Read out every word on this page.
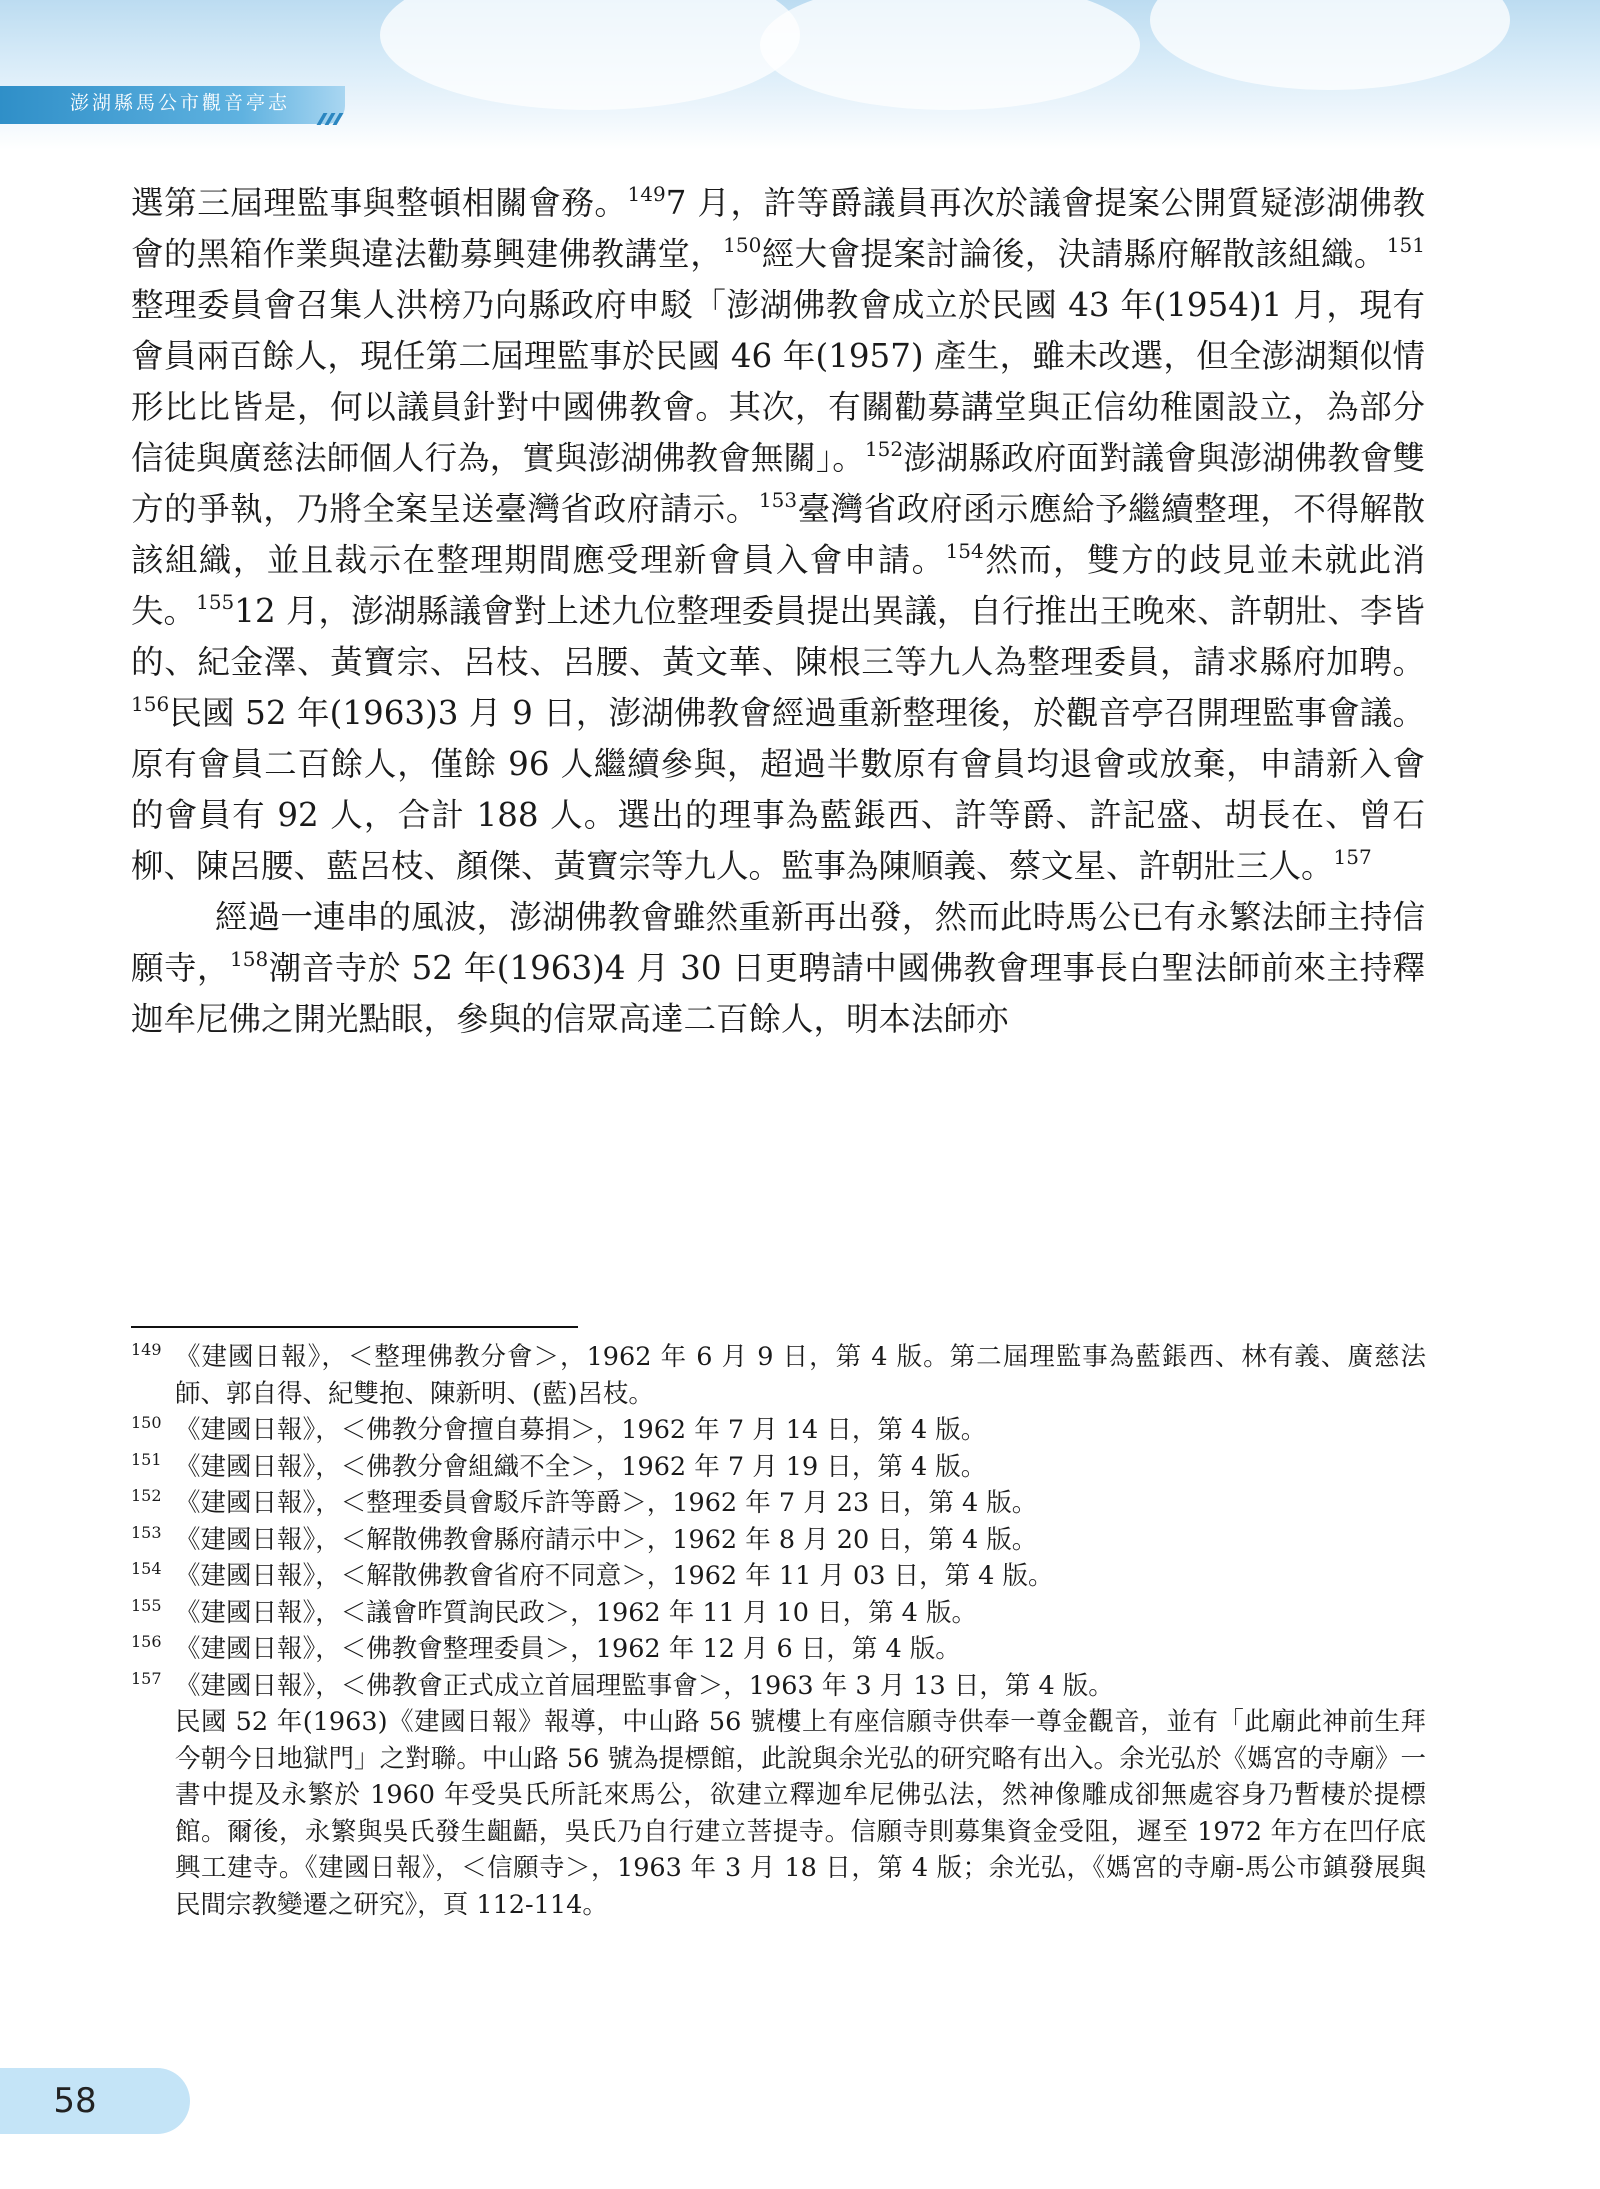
澎湖縣馬公市觀音亭志

選第三屆理監事與整頓相關會務。$^{149}$7 月，許等爵議員再次於議會提案公開質疑澎湖佛教會的黑箱作業與違法勸募興建佛教講堂，$^{150}$經大會提案討論後，決請縣府解散該組織。$^{151}$整理委員會召集人洪榜乃向縣政府申駁「澎湖佛教會成立於民國 43 年(1954)1 月，現有會員兩百餘人，現任第二屆理監事於民國 46 年(1957) 產生，雖未改選，但全澎湖類似情形比比皆是，何以議員針對中國佛教會。其次，有關勸募講堂與正信幼稚園設立，為部分信徒與廣慈法師個人行為，實與澎湖佛教會無關」。$^{152}$澎湖縣政府面對議會與澎湖佛教會雙方的爭執，乃將全案呈送臺灣省政府請示。$^{153}$臺灣省政府函示應給予繼續整理，不得解散該組織，並且裁示在整理期間應受理新會員入會申請。$^{154}$然而，雙方的歧見並未就此消失。$^{155}$12 月，澎湖縣議會對上述九位整理委員提出異議，自行推出王晚來、許朝壯、李皆的、紀金澤、黃寶宗、呂枝、呂腰、黃文華、陳根三等九人為整理委員，請求縣府加聘。$^{156}$民國 52 年(1963)3 月 9 日，澎湖佛教會經過重新整理後，於觀音亭召開理監事會議。原有會員二百餘人，僅餘 96 人繼續參與，超過半數原有會員均退會或放棄，申請新入會的會員有 92 人，合計 188 人。選出的理事為藍鋹西、許等爵、許記盛、胡長在、曾石柳、陳呂腰、藍呂枝、顏傑、黃寶宗等九人。監事為陳順義、蔡文星、許朝壯三人。$^{157}$

經過一連串的風波，澎湖佛教會雖然重新再出發，然而此時馬公已有永繁法師主持信願寺，$^{158}$潮音寺於 52 年(1963)4 月 30 日更聘請中國佛教會理事長白聖法師前來主持釋迦牟尼佛之開光點眼，參與的信眾高達二百餘人，明本法師亦

149 《建國日報》，＜整理佛教分會＞，1962 年 6 月 9 日，第 4 版。第二屆理監事為藍鋹西、林有義、廣慈法師、郭自得、紀雙抱、陳新明、(藍)呂枝。
150 《建國日報》，＜佛教分會擅自募捐＞，1962 年 7 月 14 日，第 4 版。
151 《建國日報》，＜佛教分會組織不全＞，1962 年 7 月 19 日，第 4 版。
152 《建國日報》，＜整理委員會駁斥許等爵＞，1962 年 7 月 23 日，第 4 版。
153 《建國日報》，＜解散佛教會縣府請示中＞，1962 年 8 月 20 日，第 4 版。
154 《建國日報》，＜解散佛教會省府不同意＞，1962 年 11 月 03 日，第 4 版。
155 《建國日報》，＜議會昨質詢民政＞，1962 年 11 月 10 日，第 4 版。
156 《建國日報》，＜佛教會整理委員＞，1962 年 12 月 6 日，第 4 版。
157 《建國日報》，＜佛教會正式成立首屆理監事會＞，1963 年 3 月 13 日，第 4 版。
民國 52 年(1963)《建國日報》報導，中山路 56 號樓上有座信願寺供奉一尊金觀音，並有「此廟此神前生拜　今朝今日地獄門」之對聯。中山路 56 號為提標館，此說與余光弘的研究略有出入。余光弘於《媽宮的寺廟》一書中提及永繁於 1960 年受吳氏所託來馬公，欲建立釋迦牟尼佛弘法，然神像雕成卻無處容身乃暫棲於提標館。爾後，永繁與吳氏發生齟齬，吳氏乃自行建立菩提寺。信願寺則募集資金受阻，遲至 1972 年方在凹仔底興工建寺。《建國日報》，＜信願寺＞，1963 年 3 月 18 日，第 4 版；余光弘，《媽宮的寺廟-馬公市鎮發展與民間宗教變遷之研究》，頁 112-114。
58
